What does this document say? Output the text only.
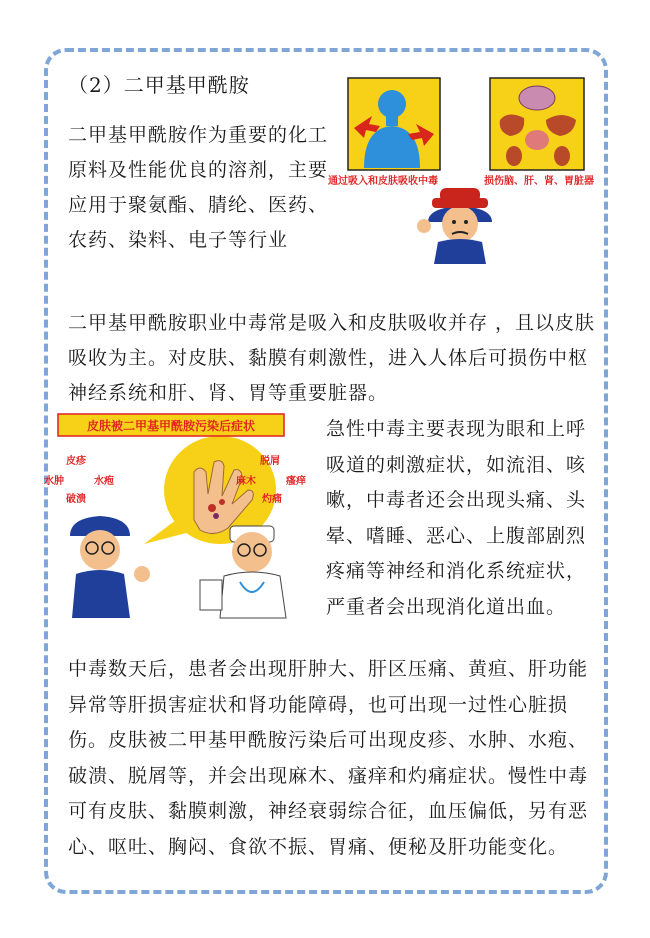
（2）二甲基甲酰胺
二甲基甲酰胺作为重要的化工原料及性能优良的溶剂，主要应用于聚氨酯、腈纶、医药、农药、染料、电子等行业
二甲基甲酰胺职业中毒常是吸入和皮肤吸收并存 ，且以皮肤吸收为主。对皮肤、黏膜有刺激性，进入人体后可损伤中枢神经系统和肝、肾、胃等重要脏器。
急性中毒主要表现为眼和上呼吸道的刺激症状，如流泪、咳嗽，中毒者还会出现头痛、头晕、嗜睡、恶心、上腹部剧烈疼痛等神经和消化系统症状，严重者会出现消化道出血。
中毒数天后，患者会出现肝肿大、肝区压痛、黄疸、肝功能异常等肝损害症状和肾功能障碍，也可出现一过性心脏损伤。皮肤被二甲基甲酰胺污染后可出现皮疹、水肿、水疱、破溃、脱屑等，并会出现麻木、瘙痒和灼痛症状。慢性中毒可有皮肤、黏膜刺激，神经衰弱综合征，血压偏低，另有恶心、呕吐、胸闷、食欲不振、胃痛、便秘及肝功能变化。
通过吸入和皮肤吸收中毒	损伤脑、肝、肾、胃脏器
皮肤被二甲基甲酰胺污染后症状
皮疹
水肿	水疱
破溃
脱屑
麻木	瘙痒
灼痛
